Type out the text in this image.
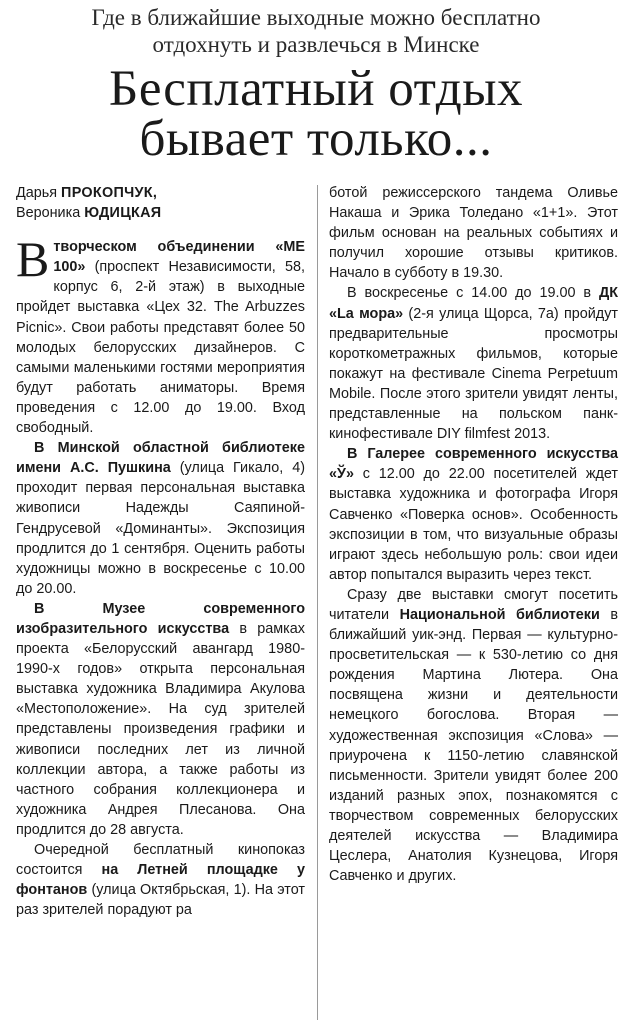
Где в ближайшие выходные можно бесплатно
отдохнуть и развлечься в Минске
Бесплатный отдых
бывает только...
Дарья ПРОКОПЧУК,
Вероника ЮДИЦКАЯ

Втворческом объединении «МЕ 100» (проспект Независимости, 58, корпус 6, 2-й этаж) в выходные пройдет выставка «Цех 32. The Arbuzzes Picnic». Свои работы представят более 50 молодых белорусских дизайнеров. С самыми маленькими гостями мероприятия будут работать аниматоры. Время проведения с 12.00 до 19.00. Вход свободный.

В Минской областной библиотеке имени А.С. Пушкина (улица Гикало, 4) проходит первая персональная выставка живописи Надежды Саяпиной-Гендрусевой «Доминанты». Экспозиция продлится до 1 сентября. Оценить работы художницы можно в воскресенье с 10.00 до 20.00.

В Музее современного изобразительного искусства в рамках проекта «Белорусский авангард 1980-1990-х годов» открыта персональная выставка художника Владимира Акулова «Местоположение». На суд зрителей представлены произведения графики и живописи последних лет из личной коллекции автора, а также работы из частного собрания коллекционера и художника Андрея Плесанова. Она продлится до 28 августа.

Очередной бесплатный кинопоказ состоится на Летней площадке у фонтанов (улица Октябрьская, 1). На этот раз зрителей порадуют ра

ботой режиссерского тандема Оливье Накаша и Эрика Толедано «1+1». Этот фильм основан на реальных событиях и получил хорошие отзывы критиков. Начало в субботу в 19.30.

В воскресенье с 14.00 до 19.00 в ДК «La мора» (2-я улица Щорса, 7а) пройдут предварительные просмотры короткометражных фильмов, которые покажут на фестивале Cinema Perpetuum Mobile. После этого зрители увидят ленты, представленные на польском панк-кинофестивале DIY filmfest 2013.

В Галерее современного искусства «Ў» с 12.00 до 22.00 посетителей ждет выставка художника и фотографа Игоря Савченко «Поверка основ». Особенность экспозиции в том, что визуальные образы играют здесь небольшую роль: свои идеи автор попытался выразить через текст.

Сразу две выставки смогут посетить читатели Национальной библиотеки в ближайший уик-энд. Первая — культурно-просветительская — к 530-летию со дня рождения Мартина Лютера. Она посвящена жизни и деятельности немецкого богослова. Вторая — художественная экспозиция «Слова» — приурочена к 1150-летию славянской письменности. Зрители увидят более 200 изданий разных эпох, познакомятся с творчеством современных белорусских деятелей искусства — Владимира Цеслера, Анатолия Кузнецова, Игоря Савченко и других.
